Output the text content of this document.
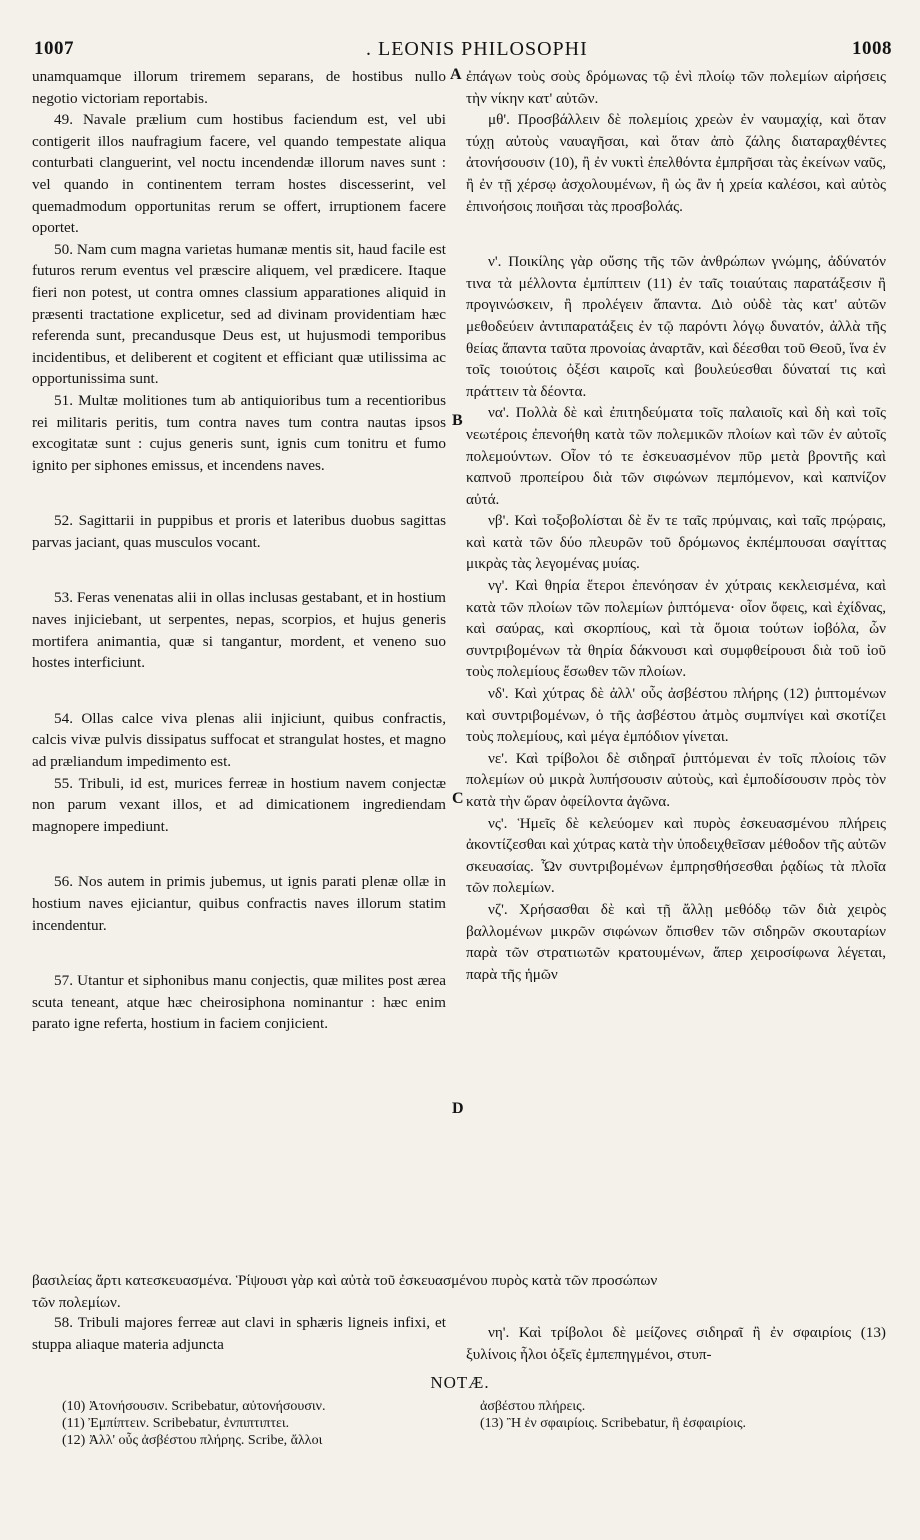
1007	. LEONIS PHILOSOPHI	1008
A
B
C
D

unamquamque illorum triremem separans, de hostibus nullo negotio victoriam reportabis.

49. Navale prælium cum hostibus faciendum est, vel ubi contigerit illos naufragium facere, vel quando tempestate aliqua conturbati clanguerint, vel noctu incendendæ illorum naves sunt : vel quando in continentem terram hostes discesserint, vel quemadmodum opportunitas rerum se offert, irruptionem facere oportet.

50. Nam cum magna varietas humanæ mentis sit, haud facile est futuros rerum eventus vel præscire aliquem, vel prædicere. Itaque fieri non potest, ut contra omnes classium apparationes aliquid in præsenti tractatione explicetur, sed ad divinam providentiam hæc referenda sunt, precandusque Deus est, ut hujusmodi temporibus incidentibus, et deliberent et cogitent et efficiant quæ utilissima ac opportunissima sunt.

51. Multæ molitiones tum ab antiquioribus tum a recentioribus rei militaris peritis, tum contra naves tum contra nautas ipsos excogitatæ sunt : cujus generis sunt, ignis cum tonitru et fumo ignito per siphones emissus, et incendens naves.

52. Sagittarii in puppibus et proris et lateribus duobus sagittas parvas jaciant, quas musculos vocant.

53. Feras venenatas alii in ollas inclusas gestabant, et in hostium naves injiciebant, ut serpentes, nepas, scorpios, et hujus generis mortifera animantia, quæ si tangantur, mordent, et veneno suo hostes interficiunt.

54. Ollas calce viva plenas alii injiciunt, quibus confractis, calcis vivæ pulvis dissipatus suffocat et strangulat hostes, et magno ad præliandum impedimento est.

55. Tribuli, id est, murices ferreæ in hostium navem conjectæ non parum vexant illos, et ad dimicationem ingrediendam magnopere impediunt.

56. Nos autem in primis jubemus, ut ignis parati plenæ ollæ in hostium naves ejiciantur, quibus confractis naves illorum statim incendentur.

57. Utantur et siphonibus manu conjectis, quæ milites post ærea scuta teneant, atque hæc cheirosiphona nominantur : hæc enim parato igne referta, hostium in faciem conjicient.

ἐπάγων τοὺς σοὺς δρόμωνας τῷ ἑνὶ πλοίῳ τῶν πολεμίων αἱρήσεις τὴν νίκην κατ' αὐτῶν.

μθ'. Προσβάλλειν δὲ πολεμίοις χρεὼν ἐν ναυμαχίᾳ, καὶ ὅταν τύχῃ αὐτοὺς ναυαγῆσαι, καὶ ὅταν ἀπὸ ζάλης διαταραχθέντες ἀτονήσουσιν (10), ἢ ἐν νυκτὶ ἐπελθόντα ἐμπρῆσαι τὰς ἐκείνων ναῦς, ἢ ἐν τῇ χέρσῳ ἀσχολουμένων, ἢ ὡς ἂν ἡ χρεία καλέσοι, καὶ αὐτὸς ἐπινοήσοις ποιῆσαι τὰς προσβολάς.

ν'. Ποικίλης γὰρ οὔσης τῆς τῶν ἀνθρώπων γνώμης, ἀδύνατόν τινα τὰ μέλλοντα ἐμπίπτειν (11) ἐν ταῖς τοιαύταις παρατάξεσιν ἢ προγινώσκειν, ἢ προλέγειν ἅπαντα. Διὸ οὐδὲ τὰς κατ' αὐτῶν μεθοδεύειν ἀντιπαρατάξεις ἐν τῷ παρόντι λόγῳ δυνατόν, ἀλλὰ τῆς θείας ἅπαντα ταῦτα προνοίας ἀναρτᾶν, καὶ δέεσθαι τοῦ Θεοῦ, ἵνα ἐν τοῖς τοιούτοις ὀξέσι καιροῖς καὶ βουλεύεσθαι δύναταί τις καὶ πράττειν τὰ δέοντα.

να'. Πολλὰ δὲ καὶ ἐπιτηδεύματα τοῖς παλαιοῖς καὶ δὴ καὶ τοῖς νεωτέροις ἐπενοήθη κατὰ τῶν πολεμικῶν πλοίων καὶ τῶν ἐν αὐτοῖς πολεμούντων. Οἷον τό τε ἐσκευασμένον πῦρ μετὰ βροντῆς καὶ καπνοῦ προπείρου διὰ τῶν σιφώνων πεμπόμενον, καὶ καπνίζον αὐτά.

νβ'. Καὶ τοξοβολίσται δὲ ἔν τε ταῖς πρύμναις, καὶ ταῖς πρῴραις, καὶ κατὰ τῶν δύο πλευρῶν τοῦ δρόμωνος ἐκπέμπουσαι σαγίττας μικρὰς τὰς λεγομένας μυίας.

νγ'. Καὶ θηρία ἕτεροι ἐπενόησαν ἐν χύτραις κεκλεισμένα, καὶ κατὰ τῶν πλοίων τῶν πολεμίων ῥιπτόμενα· οἷον ὄφεις, καὶ ἐχίδνας, καὶ σαύρας, καὶ σκορπίους, καὶ τὰ ὅμοια τούτων ἰοβόλα, ὧν συντριβομένων τὰ θηρία δάκνουσι καὶ συμφθείρουσι διὰ τοῦ ἰοῦ τοὺς πολεμίους ἔσωθεν τῶν πλοίων.

νδ'. Καὶ χύτρας δὲ ἀλλ' οὖς ἀσβέστου πλήρης (12) ῥιπτομένων καὶ συντριβομένων, ὁ τῆς ἀσβέστου ἀτμὸς συμπνίγει καὶ σκοτίζει τοὺς πολεμίους, καὶ μέγα ἐμπόδιον γίνεται.

νε'. Καὶ τρίβολοι δὲ σιδηραῖ ῥιπτόμεναι ἐν τοῖς πλοίοις τῶν πολεμίων οὐ μικρὰ λυπήσουσιν αὐτοὺς, καὶ ἐμποδίσουσιν πρὸς τὸν κατὰ τὴν ὥραν ὀφείλοντα ἀγῶνα.

νς'. Ἡμεῖς δὲ κελεύομεν καὶ πυρὸς ἐσκευασμένου πλήρεις ἀκοντίζεσθαι καὶ χύτρας κατὰ τὴν ὑποδειχθεῖσαν μέθοδον τῆς αὐτῶν σκευασίας. Ὧν συντριβομένων ἐμπρησθήσεσθαι ῥᾳδίως τὰ πλοῖα τῶν πολεμίων.

νζ'. Χρήσασθαι δὲ καὶ τῇ ἄλλῃ μεθόδῳ τῶν διὰ χειρὸς βαλλομένων μικρῶν σιφώνων ὄπισθεν τῶν σιδηρῶν σκουταρίων παρὰ τῶν στρατιωτῶν κρατουμένων, ἅπερ χειροσίφωνα λέγεται, παρὰ τῆς ἡμῶν

βασιλείας ἄρτι κατεσκευασμένα. Ῥίψουσι γὰρ καὶ αὐτὰ τοῦ ἐσκευασμένου πυρὸς κατὰ τῶν προσώπων

τῶν πολεμίων.

58. Tribuli majores ferreæ aut clavi in sphæris ligneis infixi, et stuppa aliaque materia adjuncta

νη'. Καὶ τρίβολοι δὲ μείζονες σιδηραῖ ἢ ἐν σφαιρίοις (13) ξυλίνοις ἧλοι ὀξεῖς ἐμπεπηγμένοι, στυπ-

NOTÆ.

(10) Ἀτονήσουσιν. Scribebatur, αὐτονήσουσιν.

(11) Ἐμπίπτειν. Scribebatur, ἐνπιπτιπτει.

(12) Ἀλλ' οὖς ἀσβέστου πλήρης. Scribe, ἄλλοι

ἀσβέστου πλήρεις.

(13) Ἢ ἐν σφαιρίοις. Scribebatur, ἢ ἐσφαιρίοις.
